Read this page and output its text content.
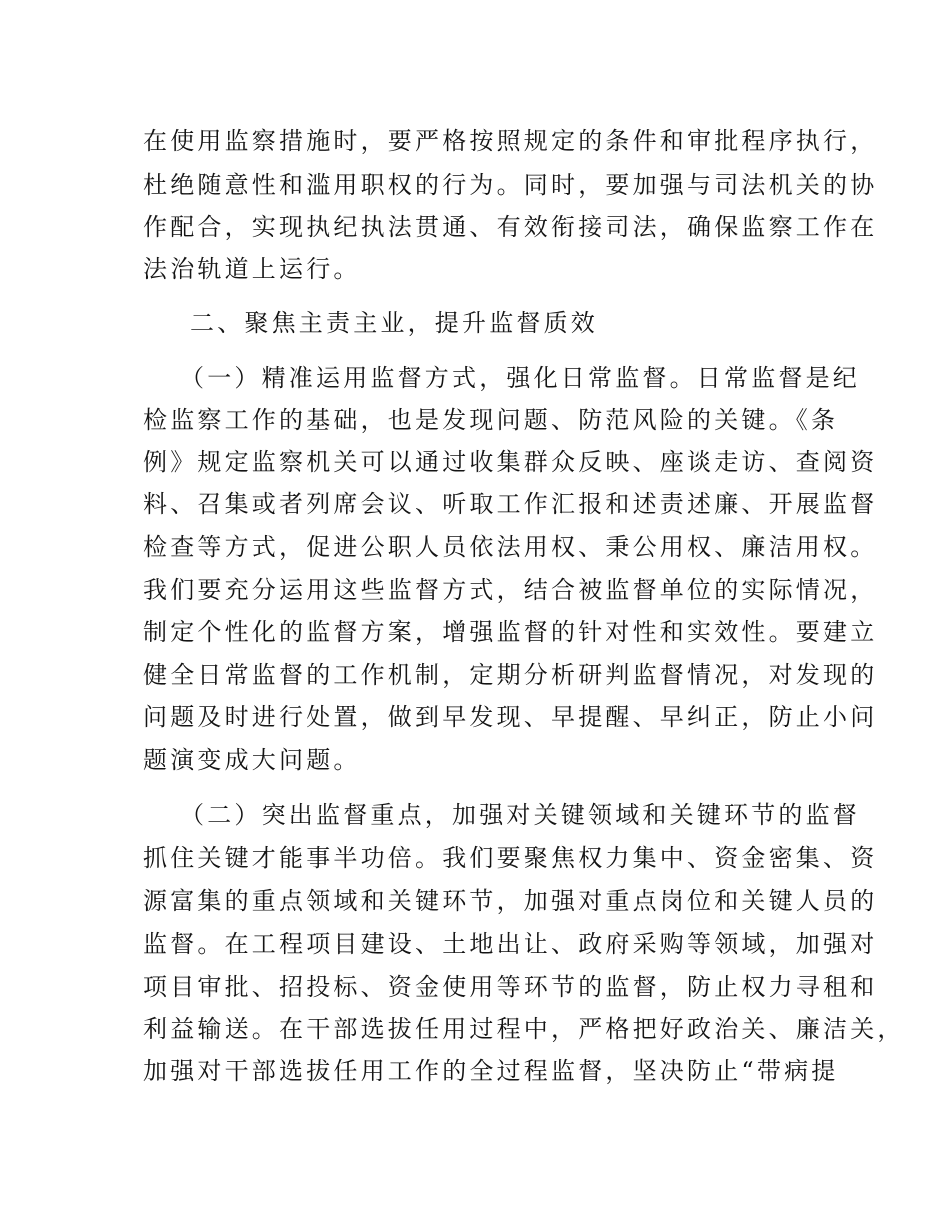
在使用监察措施时，要严格按照规定的条件和审批程序执行，
杜绝随意性和滥用职权的行为。同时，要加强与司法机关的协
作配合，实现执纪执法贯通、有效衔接司法，确保监察工作在
法治轨道上运行。
二、聚焦主责主业，提升监督质效
（一）精准运用监督方式，强化日常监督。日常监督是纪
检监察工作的基础，也是发现问题、防范风险的关键。《条
例》规定监察机关可以通过收集群众反映、座谈走访、查阅资
料、召集或者列席会议、听取工作汇报和述责述廉、开展监督
检查等方式，促进公职人员依法用权、秉公用权、廉洁用权。
我们要充分运用这些监督方式，结合被监督单位的实际情况，
制定个性化的监督方案，增强监督的针对性和实效性。要建立
健全日常监督的工作机制，定期分析研判监督情况，对发现的
问题及时进行处置，做到早发现、早提醒、早纠正，防止小问
题演变成大问题。
（二）突出监督重点，加强对关键领域和关键环节的监督
抓住关键才能事半功倍。我们要聚焦权力集中、资金密集、资
源富集的重点领域和关键环节，加强对重点岗位和关键人员的
监督。在工程项目建设、土地出让、政府采购等领域，加强对
项目审批、招投标、资金使用等环节的监督，防止权力寻租和
利益输送。在干部选拔任用过程中，严格把好政治关、廉洁关，
加强对干部选拔任用工作的全过程监督，坚决防止“带病提
